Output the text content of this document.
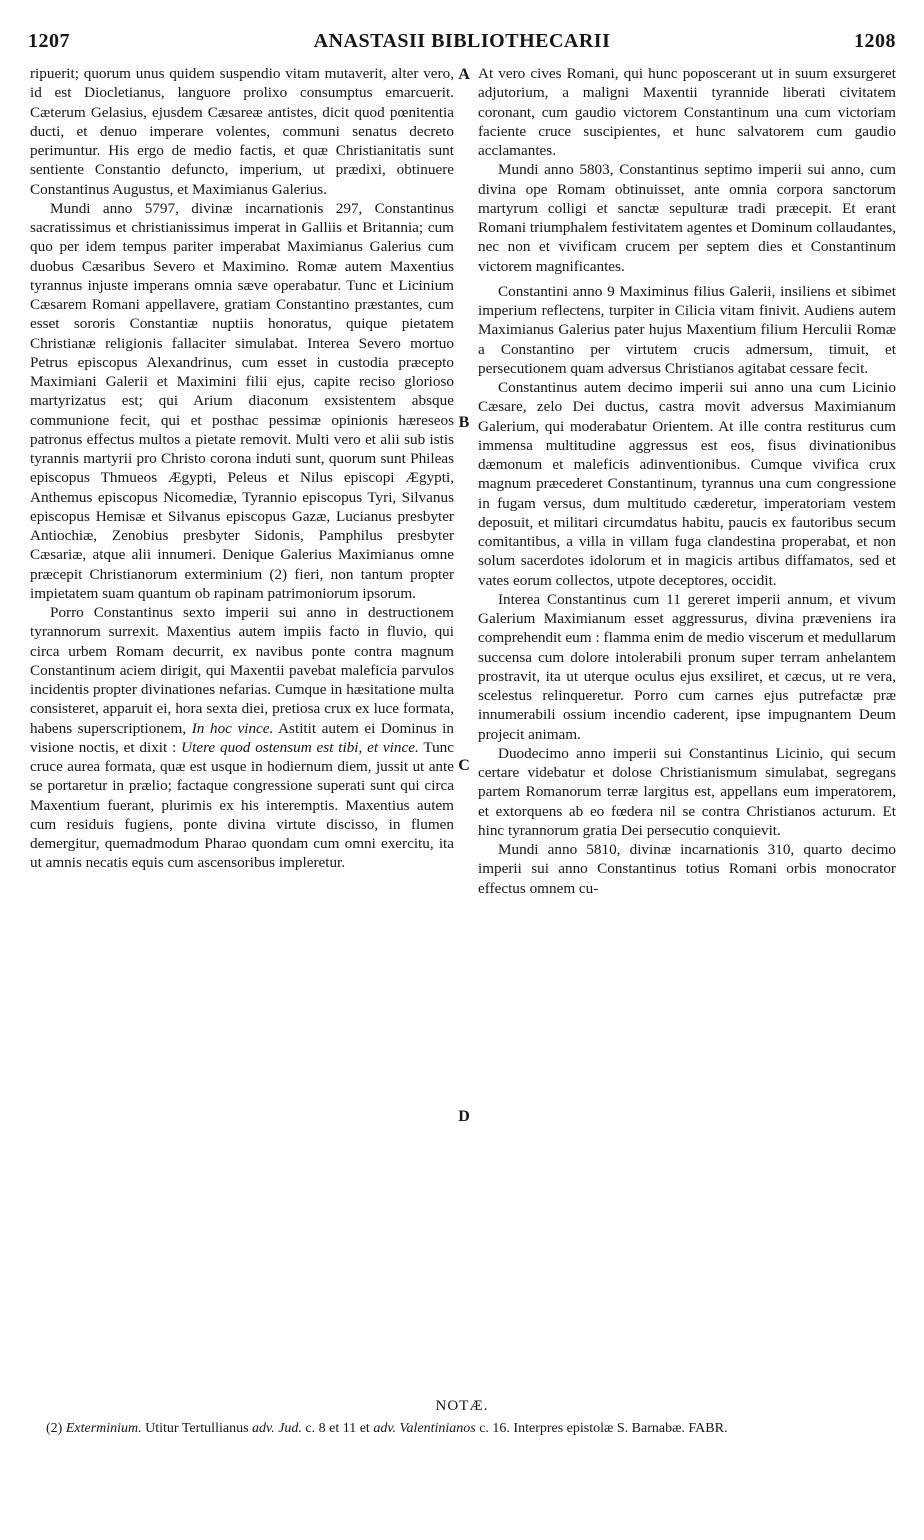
1207	ANASTASII BIBLIOTHECARII	1208

ripuerit; quorum unus quidem suspendio vitam mutaverit, alter vero, id est Diocletianus, languore prolixo consumptus emarcuerit. Cæterum Gelasius, ejusdem Cæsareæ antistes, dicit quod pœnitentia ducti, et denuo imperare volentes, communi senatus decreto perimuntur. His ergo de medio factis, et quæ Christianitatis sunt sentiente Constantio defuncto, imperium, ut prædixi, obtinuere Constantinus Augustus, et Maximianus Galerius.

Mundi anno 5797, divinæ incarnationis 297, Constantinus sacratissimus et christianissimus imperat in Galliis et Britannia; cum quo per idem tempus pariter imperabat Maximianus Galerius cum duobus Cæsaribus Severo et Maximino. Romæ autem Maxentius tyrannus injuste imperans omnia sæve operabatur. Tunc et Licinium Cæsarem Romani appellavere, gratiam Constantino præstantes, cum esset sororis Constantiæ nuptiis honoratus, quique pietatem Christianæ religionis fallaciter simulabat. Interea Severo mortuo Petrus episcopus Alexandrinus, cum esset in custodia præcepto Maximiani Galerii et Maximini filii ejus, capite reciso glorioso martyrizatus est; qui Arium diaconum exsistentem absque communione fecit, qui et posthac pessimæ opinionis hæreseos patronus effectus multos a pietate removit. Multi vero et alii sub istis tyrannis martyrii pro Christo corona induti sunt, quorum sunt Phileas episcopus Thmueos Ægypti, Peleus et Nilus episcopi Ægypti, Anthemus episcopus Nicomediæ, Tyrannio episcopus Tyri, Silvanus episcopus Hemisæ et Silvanus episcopus Gazæ, Lucianus presbyter Antiochiæ, Zenobius presbyter Sidonis, Pamphilus presbyter Cæsariæ, atque alii innumeri. Denique Galerius Maximianus omne præcepit Christianorum exterminium (2) fieri, non tantum propter impietatem suam quantum ob rapinam patrimoniorum ipsorum.

Porro Constantinus sexto imperii sui anno in destructionem tyrannorum surrexit. Maxentius autem impiis facto in fluvio, qui circa urbem Romam decurrit, ex navibus ponte contra magnum Constantinum aciem dirigit, qui Maxentii pavebat maleficia parvulos incidentis propter divinationes nefarias. Cumque in hæsitatione multa consisteret, apparuit ei, hora sexta diei, pretiosa crux ex luce formata, habens superscriptionem, In hoc vince. Astitit autem ei Dominus in visione noctis, et dixit : Utere quod ostensum est tibi, et vince. Tunc cruce aurea formata, quæ est usque in hodiernum diem, jussit ut ante se portaretur in prælio; factaque congressione superati sunt qui circa Maxentium fuerant, plurimis ex his interemptis. Maxentius autem cum residuis fugiens, ponte divina virtute discisso, in flumen demergitur, quemadmodum Pharao quondam cum omni exercitu, ita ut amnis necatis equis cum ascensoribus impleretur.

A
B
C
D

At vero cives Romani, qui hunc poposcerant ut in suum exsurgeret adjutorium, a maligni Maxentii tyrannide liberati civitatem coronant, cum gaudio victorem Constantinum una cum victoriam faciente cruce suscipientes, et hunc salvatorem cum gaudio acclamantes.

Mundi anno 5803, Constantinus septimo imperii sui anno, cum divina ope Romam obtinuisset, ante omnia corpora sanctorum martyrum colligi et sanctæ sepulturæ tradi præcepit. Et erant Romani triumphalem festivitatem agentes et Dominum collaudantes, nec non et vivificam crucem per septem dies et Constantinum victorem magnificantes.

Constantini anno 9 Maximinus filius Galerii, insiliens et sibimet imperium reflectens, turpiter in Cilicia vitam finivit. Audiens autem Maximianus Galerius pater hujus Maxentium filium Herculii Romæ a Constantino per virtutem crucis admersum, timuit, et persecutionem quam adversus Christianos agitabat cessare fecit.

Constantinus autem decimo imperii sui anno una cum Licinio Cæsare, zelo Dei ductus, castra movit adversus Maximianum Galerium, qui moderabatur Orientem. At ille contra restiturus cum immensa multitudine aggressus est eos, fisus divinationibus dæmonum et maleficis adinventionibus. Cumque vivifica crux magnum præcederet Constantinum, tyrannus una cum congressione in fugam versus, dum multitudo cæderetur, imperatoriam vestem deposuit, et militari circumdatus habitu, paucis ex fautoribus secum comitantibus, a villa in villam fuga clandestina properabat, et non solum sacerdotes idolorum et in magicis artibus diffamatos, sed et vates eorum collectos, utpote deceptores, occidit.

Interea Constantinus cum 11 gereret imperii annum, et vivum Galerium Maximianum esset aggressurus, divina præveniens ira comprehendit eum : flamma enim de medio viscerum et medullarum succensa cum dolore intolerabili pronum super terram anhelantem prostravit, ita ut uterque oculus ejus exsiliret, et cæcus, ut re vera, scelestus relinqueretur. Porro cum carnes ejus putrefactæ præ innumerabili ossium incendio caderent, ipse impugnantem Deum projecit animam.

Duodecimo anno imperii sui Constantinus Licinio, qui secum certare videbatur et dolose Christianismum simulabat, segregans partem Romanorum terræ largitus est, appellans eum imperatorem, et extorquens ab eo fœdera nil se contra Christianos acturum. Et hinc tyrannorum gratia Dei persecutio conquievit.

Mundi anno 5810, divinæ incarnationis 310, quarto decimo imperii sui anno Constantinus totius Romani orbis monocrator effectus omnem cu-

NOTÆ.
(2) Exterminium. Utitur Tertullianus adv. Jud. c. 8 et 11 et adv. Valentinianos c. 16. Interpres epistolæ S. Barnabæ. FABR.
